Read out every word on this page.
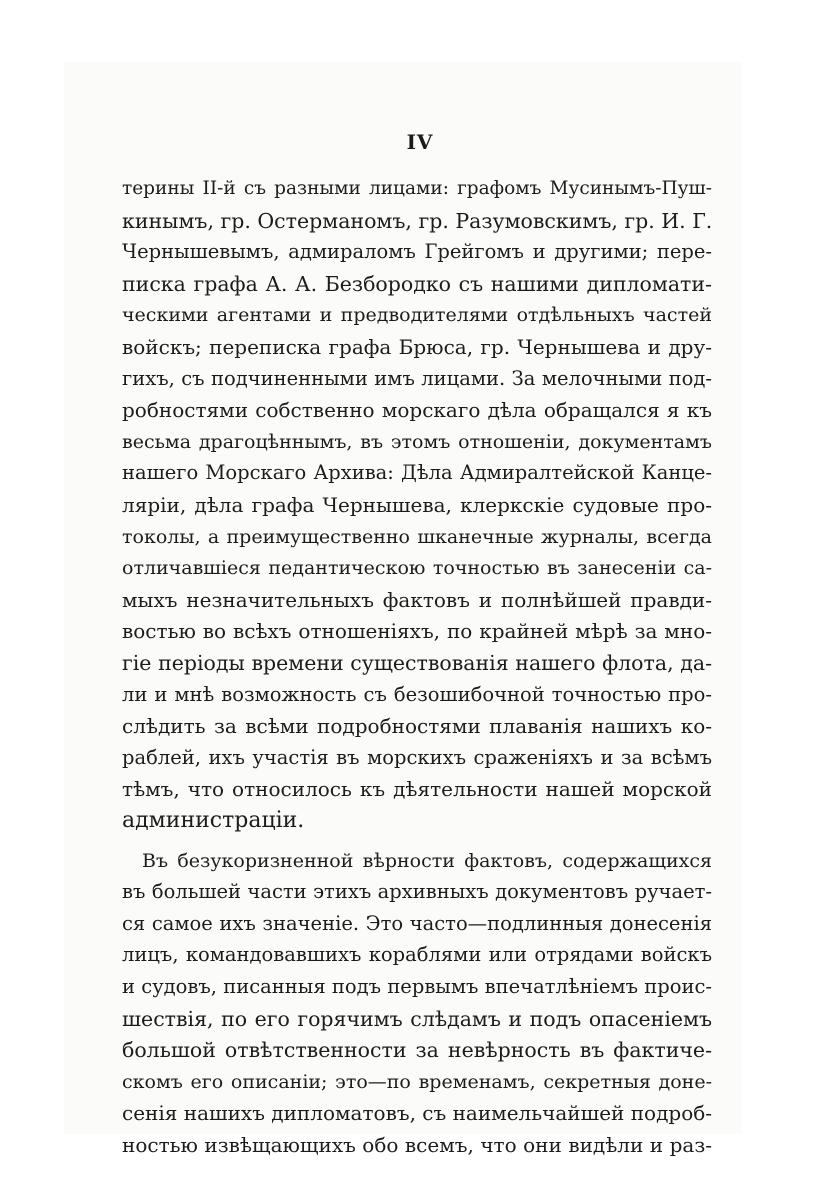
IV
терины II-й съ разными лицами: графомъ Мусинымъ-Пуш-
кинымъ, гр. Остерманомъ, гр. Разумовскимъ, гр. И. Г.
Чернышевымъ, адмираломъ Грейгомъ и другими; пере-
писка графа А. А. Безбородко съ нашими дипломати-
ческими агентами и предводителями отдѣльныхъ частей
войскъ; переписка графа Брюса, гр. Чернышева и дру-
гихъ, съ подчиненными имъ лицами. За мелочными под-
робностями собственно морскаго дѣла обращался я къ
весьма драгоцѣннымъ, въ этомъ отношеніи, документамъ
нашего Морскаго Архива: Дѣла Адмиралтейской Канце-
ляріи, дѣла графа Чернышева, клеркскіе судовые про-
токолы, а преимущественно шканечные журналы, всегда
отличавшіеся педантическою точностью въ занесеніи са-
мыхъ незначительныхъ фактовъ и полнѣйшей правди-
востью во всѣхъ отношеніяхъ, по крайней мѣрѣ за мно-
гіе періоды времени существованія нашего флота, да-
ли и мнѣ возможность съ безошибочной точностью про-
слѣдить за всѣми подробностями плаванія нашихъ ко-
раблей, ихъ участія въ морскихъ сраженіяхъ и за всѣмъ
тѣмъ, что относилось къ дѣятельности нашей морской
администраціи.
Въ безукоризненной вѣрности фактовъ, содержащихся
въ большей части этихъ архивныхъ документовъ ручает-
ся самое ихъ значеніе. Это часто—подлинныя донесенія
лицъ, командовавшихъ кораблями или отрядами войскъ
и судовъ, писанныя подъ первымъ впечатлѣніемъ проис-
шествія, по его горячимъ слѣдамъ и подъ опасеніемъ
большой отвѣтственности за невѣрность въ фактиче-
скомъ его описаніи; это—по временамъ, секретныя доне-
сенія нашихъ дипломатовъ, съ наимельчайшей подроб-
ностью извѣщающихъ обо всемъ, что они видѣли и раз-
